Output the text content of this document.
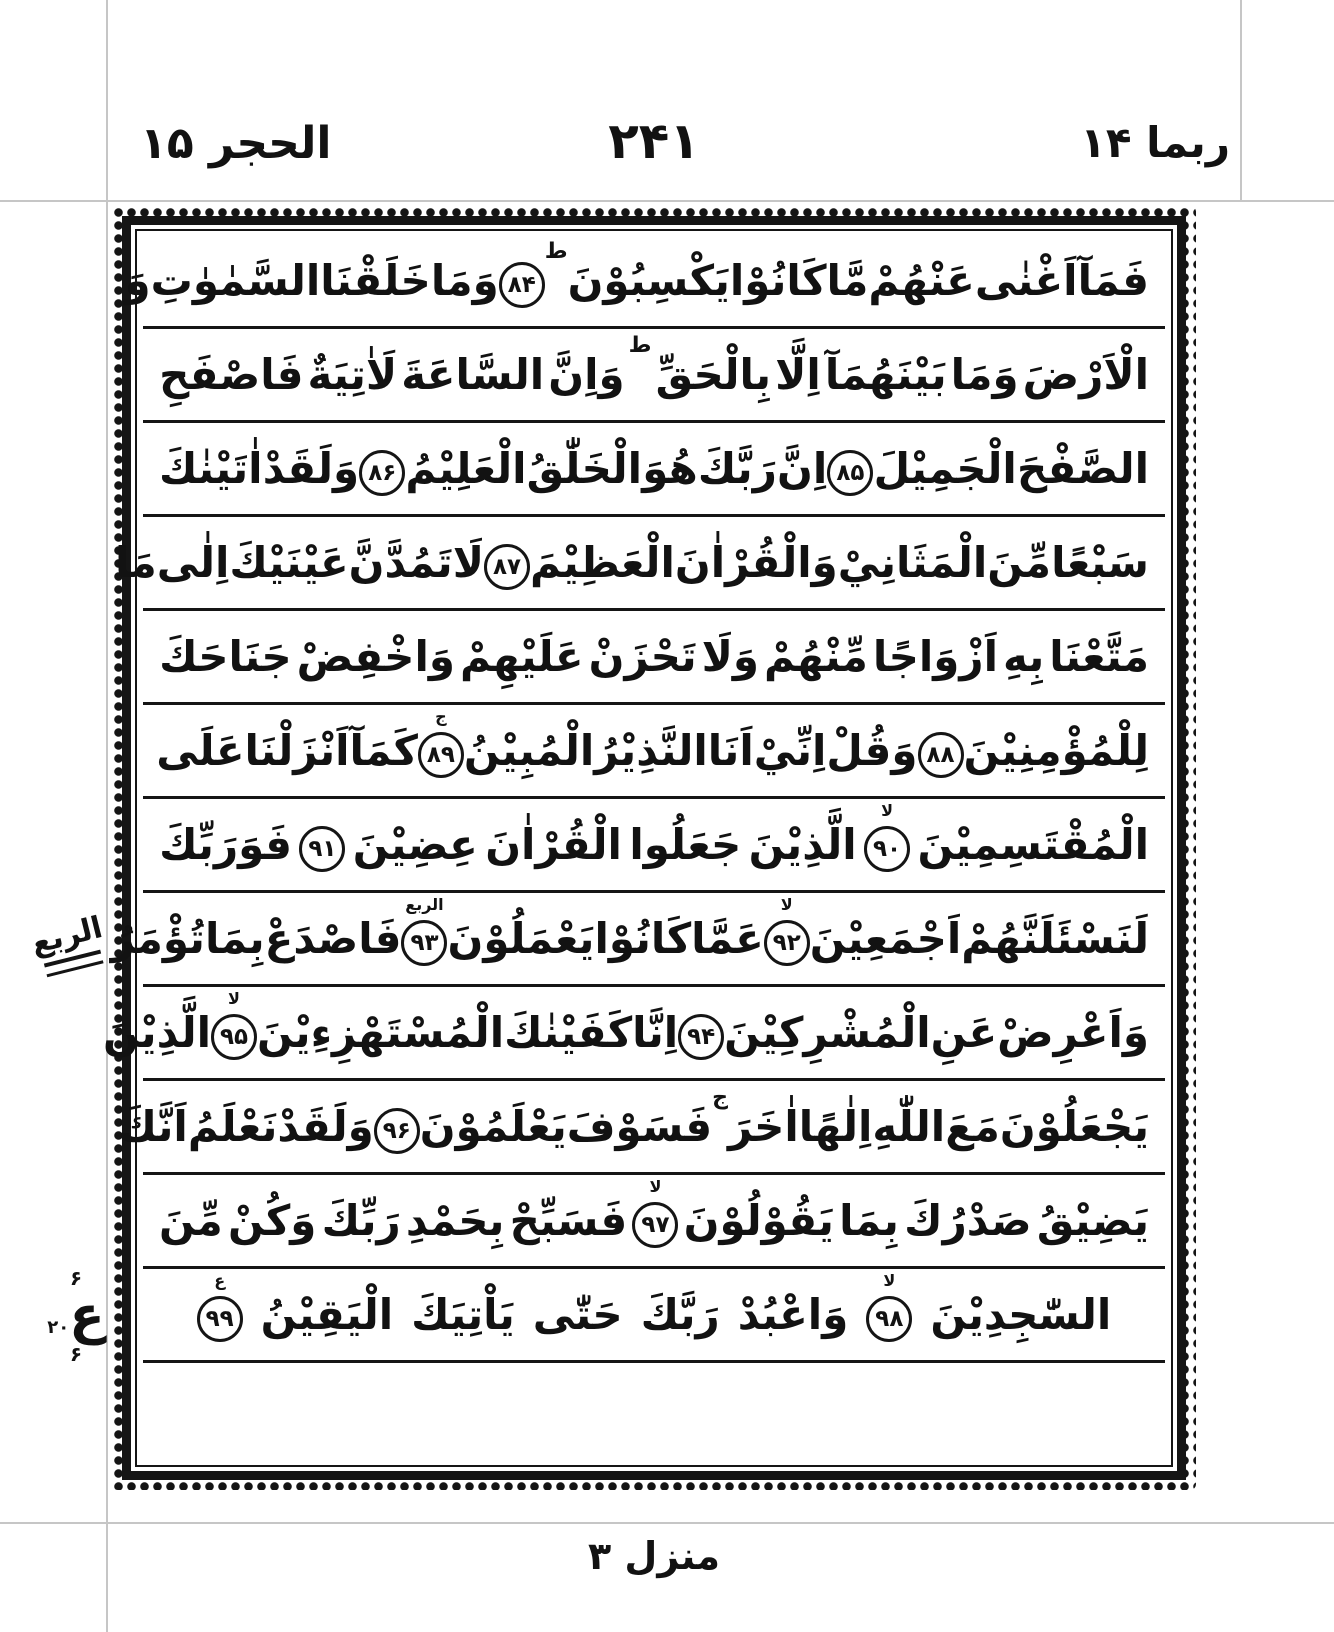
الحجر ۱۵	۲۴۱	ربما ۱۴
فَمَآ
اَغْنٰى
عَنْهُمْ
مَّا
كَانُوْا
يَكْسِبُوْنَ
ط
۸۴
وَمَا
خَلَقْنَا
السَّمٰوٰتِ
وَ
الْاَرْضَ
وَمَا
بَيْنَهُمَآ
اِلَّا
بِالْحَقِّ
ط
وَاِنَّ
السَّاعَةَ
لَاٰتِيَةٌ
فَاصْفَحِ
الصَّفْحَ
الْجَمِيْلَ
۸۵
اِنَّ
رَبَّكَ
هُوَ
الْخَلّٰقُ
الْعَلِيْمُ
۸۶
وَلَقَدْ
اٰتَيْنٰكَ
سَبْعًا
مِّنَ
الْمَثَانِيْ
وَالْقُرْاٰنَ
الْعَظِيْمَ
۸۷
لَا
تَمُدَّنَّ
عَيْنَيْكَ
اِلٰى
مَا
مَتَّعْنَا
بِهِ
اَزْوَاجًا
مِّنْهُمْ
وَلَا
تَحْزَنْ
عَلَيْهِمْ
وَاخْفِضْ
جَنَاحَكَ
لِلْمُؤْمِنِيْنَ
۸۸
وَقُلْ
اِنِّيْ
اَنَا
النَّذِيْرُ
الْمُبِيْنُ
۸۹
ج
كَمَآ
اَنْزَلْنَا
عَلَى
الْمُقْتَسِمِيْنَ
۹۰
لا
الَّذِيْنَ
جَعَلُوا
الْقُرْاٰنَ
عِضِيْنَ
۹۱
فَوَرَبِّكَ
لَنَسْئَلَنَّهُمْ
اَجْمَعِيْنَ
۹۲
لا
عَمَّا
كَانُوْا
يَعْمَلُوْنَ
۹۳
الربع
فَاصْدَعْ
بِمَا
تُؤْمَرُ
وَاَعْرِضْ
عَنِ
الْمُشْرِكِيْنَ
۹۴
اِنَّا
كَفَيْنٰكَ
الْمُسْتَهْزِءِيْنَ
۹۵
لا
الَّذِيْنَ
يَجْعَلُوْنَ
مَعَ
اللّٰهِ
اِلٰهًا
اٰخَرَ
ج
فَسَوْفَ
يَعْلَمُوْنَ
۹۶
وَلَقَدْ
نَعْلَمُ
اَنَّكَ
يَضِيْقُ
صَدْرُكَ
بِمَا
يَقُوْلُوْنَ
۹۷
لا
فَسَبِّحْ
بِحَمْدِ
رَبِّكَ
وَكُنْ
مِّنَ
السّٰجِدِيْنَ
۹۸
لا
وَاعْبُدْ
رَبَّكَ
حَتّٰى
يَاْتِيَكَ
الْيَقِيْنُ
۹۹
ع
الربع
۶
ع
۲۰
۶
منزل ۳
